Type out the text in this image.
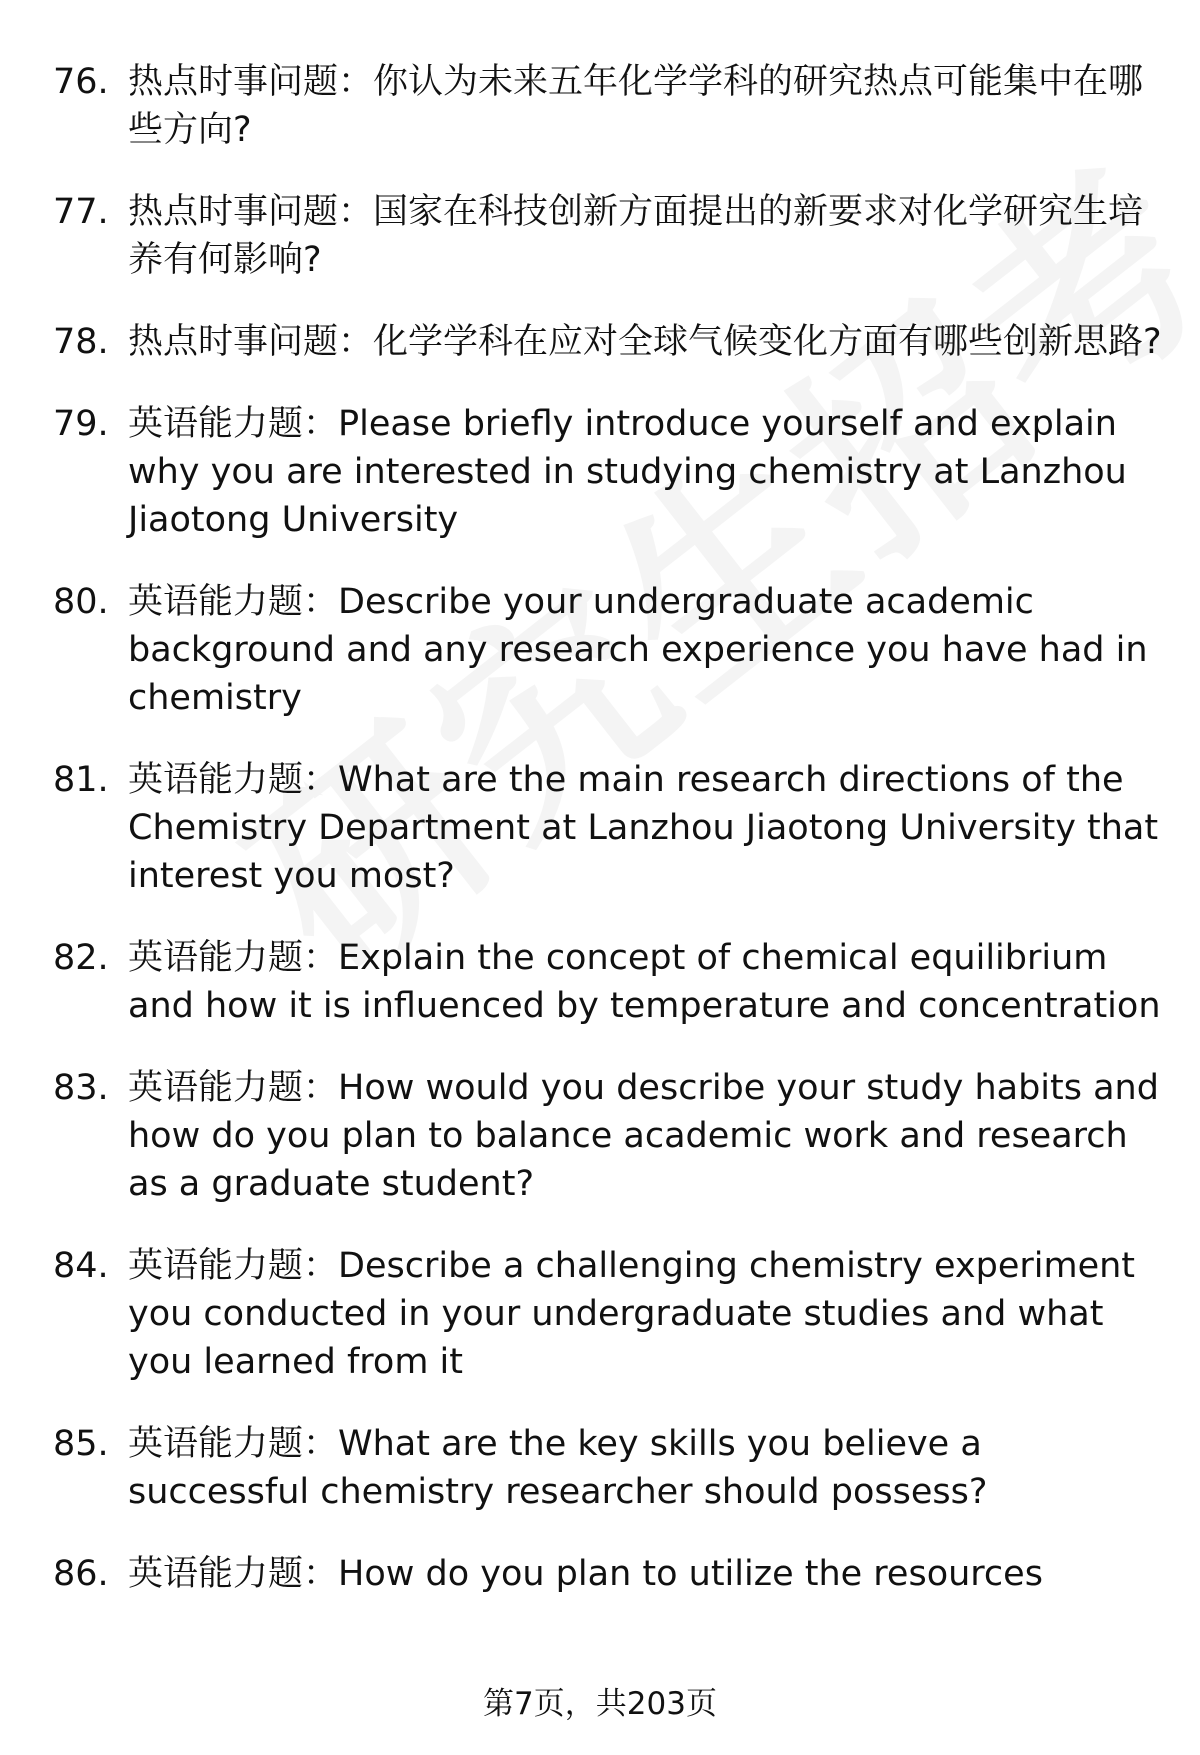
76. 热点时事问题：你认为未来五年化学学科的研究热点可能集中在哪些方向?
77. 热点时事问题：国家在科技创新方面提出的新要求对化学研究生培养有何影响?
78. 热点时事问题：化学学科在应对全球气候变化方面有哪些创新思路?
79. 英语能力题：Please briefly introduce yourself and explain why you are interested in studying chemistry at Lanzhou Jiaotong University
80. 英语能力题：Describe your undergraduate academic background and any research experience you have had in chemistry
81. 英语能力题：What are the main research directions of the Chemistry Department at Lanzhou Jiaotong University that interest you most?
82. 英语能力题：Explain the concept of chemical equilibrium and how it is influenced by temperature and concentration
83. 英语能力题：How would you describe your study habits and how do you plan to balance academic work and research as a graduate student?
84. 英语能力题：Describe a challenging chemistry experiment you conducted in your undergraduate studies and what you learned from it
85. 英语能力题：What are the key skills you believe a successful chemistry researcher should possess?
86. 英语能力题：How do you plan to utilize the resources
第7页，共203页
